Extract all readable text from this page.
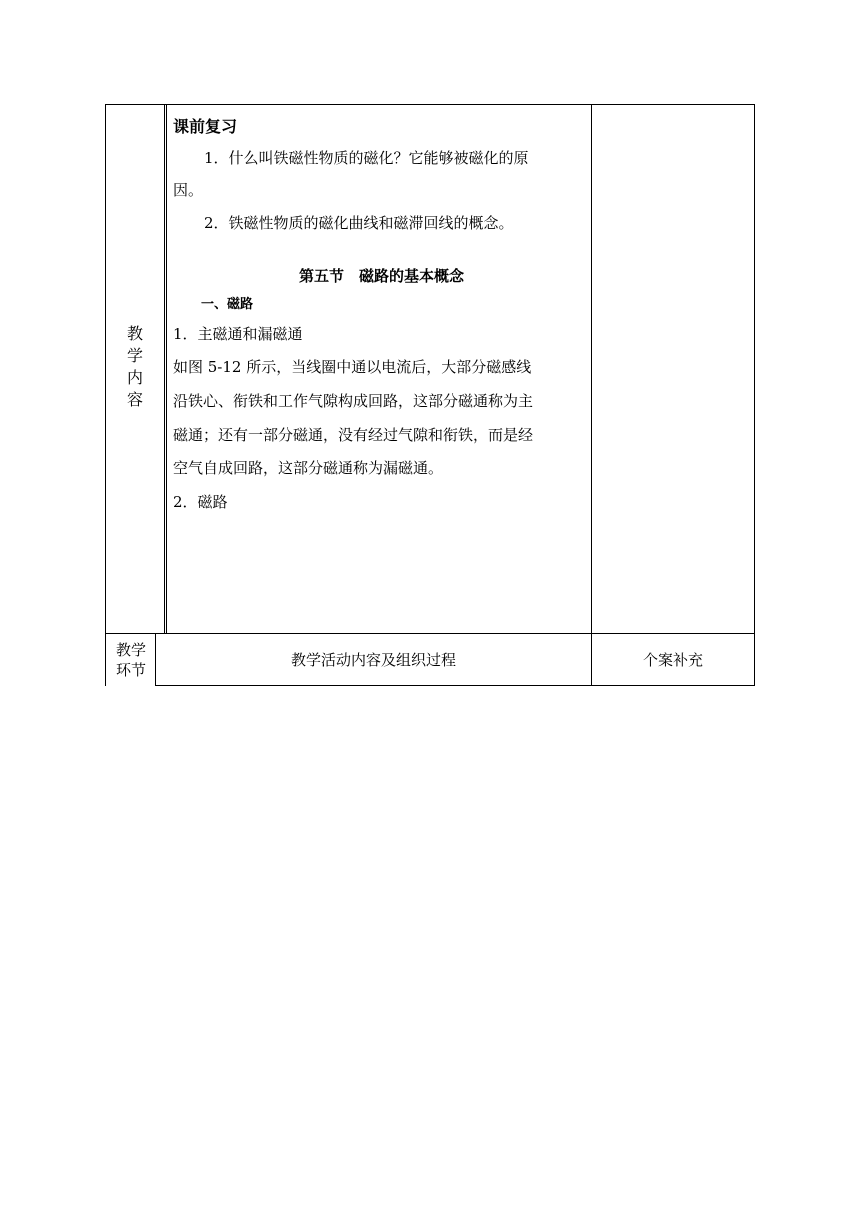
教
学
内
容
课前复习
1．什么叫铁磁性物质的磁化？它能够被磁化的原
因。
2．铁磁性物质的磁化曲线和磁滞回线的概念。
第五节　磁路的基本概念
一、磁路
1．主磁通和漏磁通
如图 5-12 所示，当线圈中通以电流后，大部分磁感线
沿铁心、衔铁和工作气隙构成回路，这部分磁通称为主
磁通；还有一部分磁通，没有经过气隙和衔铁，而是经
空气自成回路，这部分磁通称为漏磁通。
2．磁路
教学
环节
教学活动内容及组织过程	个案补充
